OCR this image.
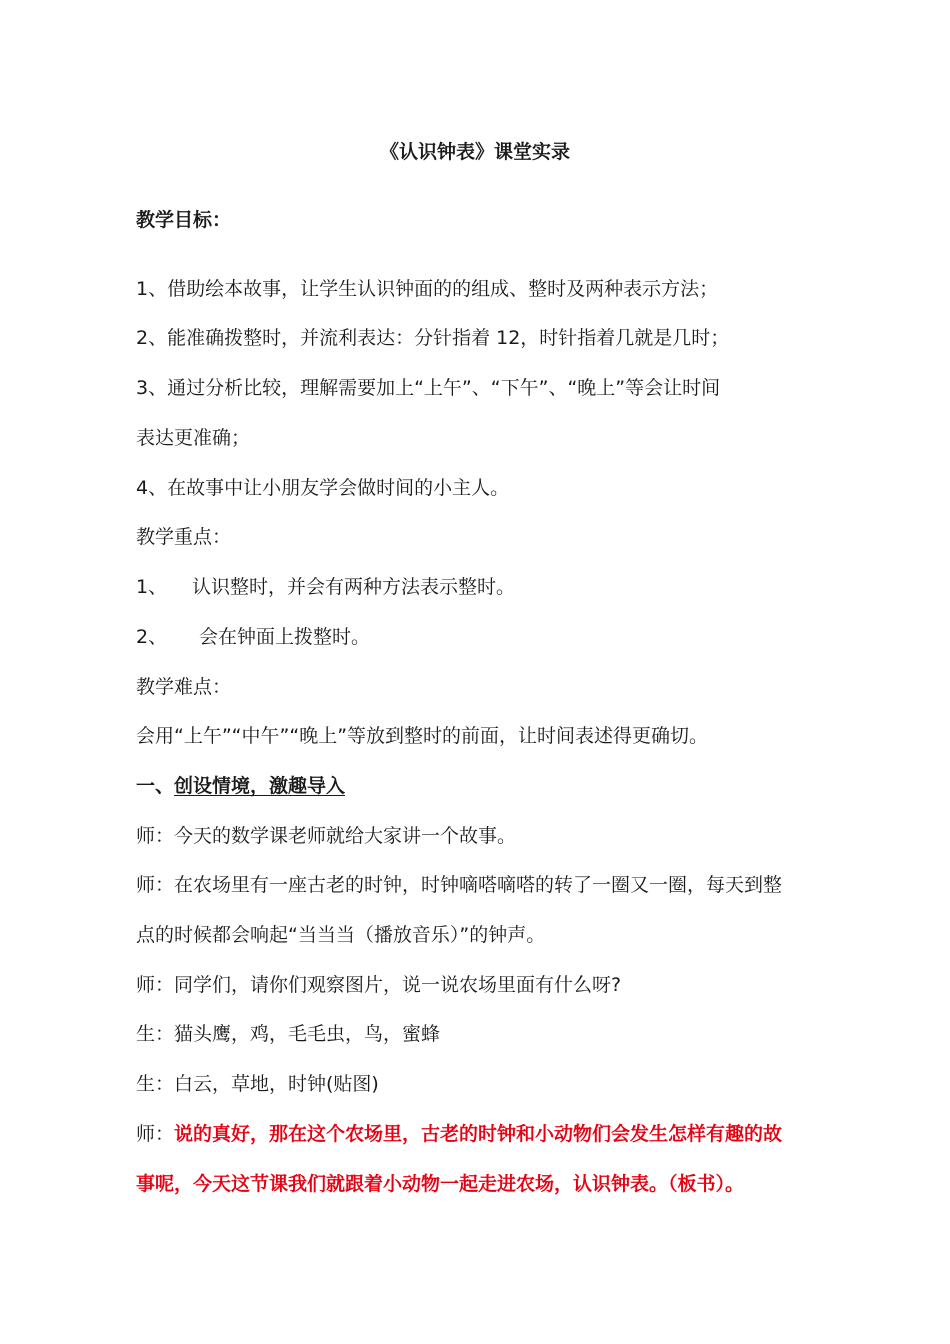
《认识钟表》课堂实录
教学目标：
1、借助绘本故事，让学生认识钟面的的组成、整时及两种表示方法；
2、能准确拨整时，并流利表达：分针指着 12，时针指着几就是几时；
3、通过分析比较，理解需要加上“上午”、“下午”、“晚上”等会让时间
表达更准确；
4、在故事中让小朋友学会做时间的小主人。
教学重点：
1、 认识整时，并会有两种方法表示整时。
2、 会在钟面上拨整时。
教学难点：
会用“上午”“中午”“晚上”等放到整时的前面，让时间表述得更确切。
一、创设情境，激趣导入
师：今天的数学课老师就给大家讲一个故事。
师：在农场里有一座古老的时钟，时钟嘀嗒嘀嗒的转了一圈又一圈，每天到整
点的时候都会响起“当当当（播放音乐）”的钟声。
师：同学们，请你们观察图片，说一说农场里面有什么呀?
生：猫头鹰，鸡，毛毛虫，鸟，蜜蜂
生：白云，草地，时钟(贴图)
师：说的真好，那在这个农场里，古老的时钟和小动物们会发生怎样有趣的故
事呢，今天这节课我们就跟着小动物一起走进农场，认识钟表。（板书）。
